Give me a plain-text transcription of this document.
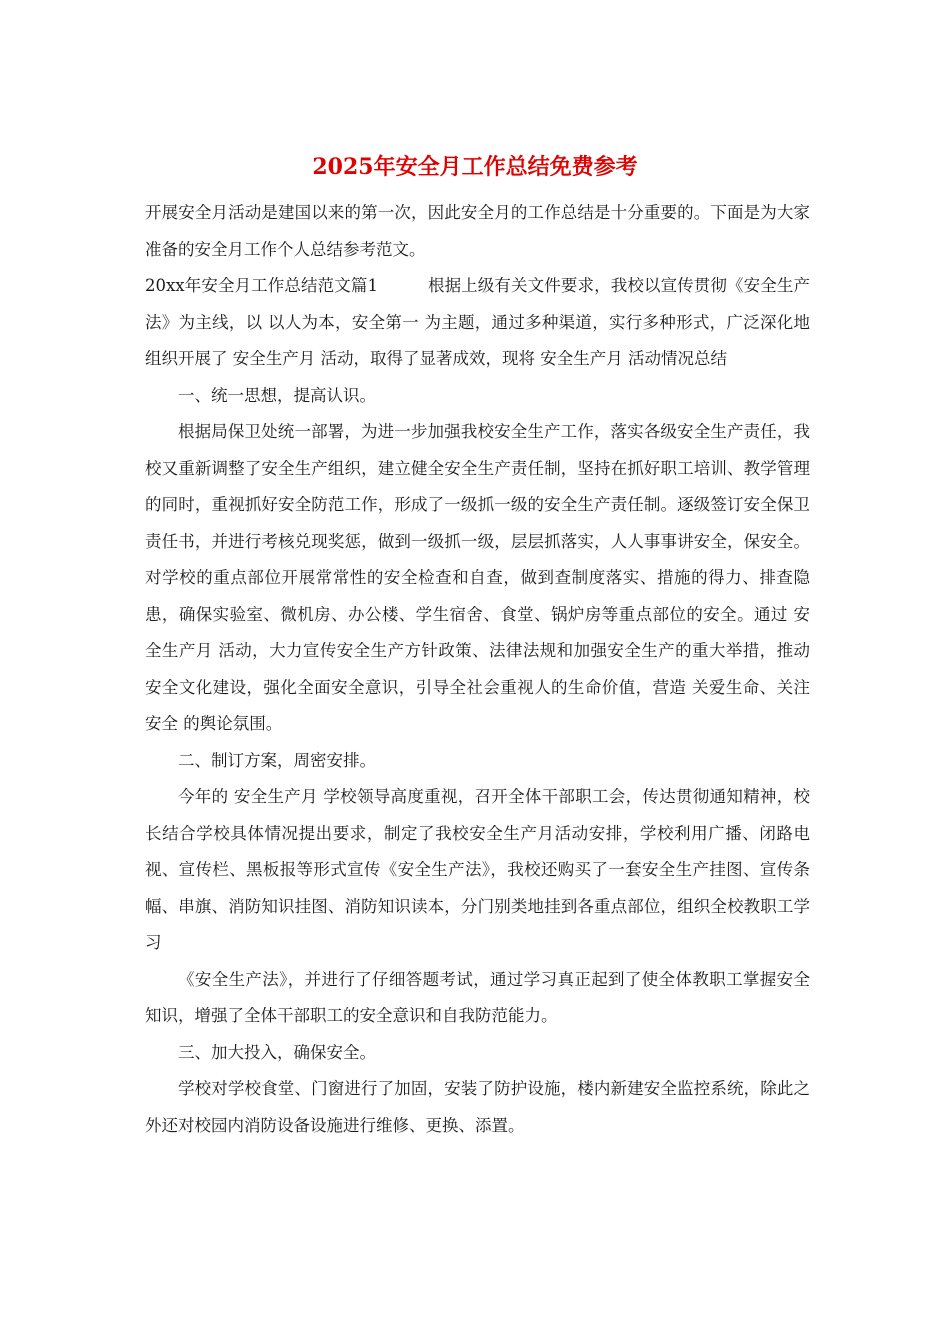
2025年安全月工作总结免费参考

开展安全月活动是建国以来的第一次，因此安全月的工作总结是十分重要的。下面是为大家准备的安全月工作个人总结参考范文。

20xx年安全月工作总结范文篇1　　　根据上级有关文件要求，我校以宣传贯彻《安全生产法》为主线，以 以人为本，安全第一 为主题，通过多种渠道，实行多种形式，广泛深化地组织开展了 安全生产月 活动，取得了显著成效，现将 安全生产月 活动情况总结

一、统一思想，提高认识。

根据局保卫处统一部署，为进一步加强我校安全生产工作，落实各级安全生产责任，我校又重新调整了安全生产组织，建立健全安全生产责任制，坚持在抓好职工培训、教学管理的同时，重视抓好安全防范工作，形成了一级抓一级的安全生产责任制。逐级签订安全保卫责任书，并进行考核兑现奖惩，做到一级抓一级，层层抓落实，人人事事讲安全，保安全。对学校的重点部位开展常常性的安全检查和自查，做到查制度落实、措施的得力、排查隐患，确保实验室、微机房、办公楼、学生宿舍、食堂、锅炉房等重点部位的安全。通过 安全生产月 活动，大力宣传安全生产方针政策、法律法规和加强安全生产的重大举措，推动安全文化建设，强化全面安全意识，引导全社会重视人的生命价值，营造 关爱生命、关注安全 的舆论氛围。

二、制订方案，周密安排。

今年的 安全生产月 学校领导高度重视，召开全体干部职工会，传达贯彻通知精神，校长结合学校具体情况提出要求，制定了我校安全生产月活动安排，学校利用广播、闭路电视、宣传栏、黑板报等形式宣传《安全生产法》，我校还购买了一套安全生产挂图、宣传条幅、串旗、消防知识挂图、消防知识读本，分门别类地挂到各重点部位，组织全校教职工学习

《安全生产法》，并进行了仔细答题考试，通过学习真正起到了使全体教职工掌握安全知识，增强了全体干部职工的安全意识和自我防范能力。

三、加大投入，确保安全。

学校对学校食堂、门窗进行了加固，安装了防护设施，楼内新建安全监控系统，除此之外还对校园内消防设备设施进行维修、更换、添置。
